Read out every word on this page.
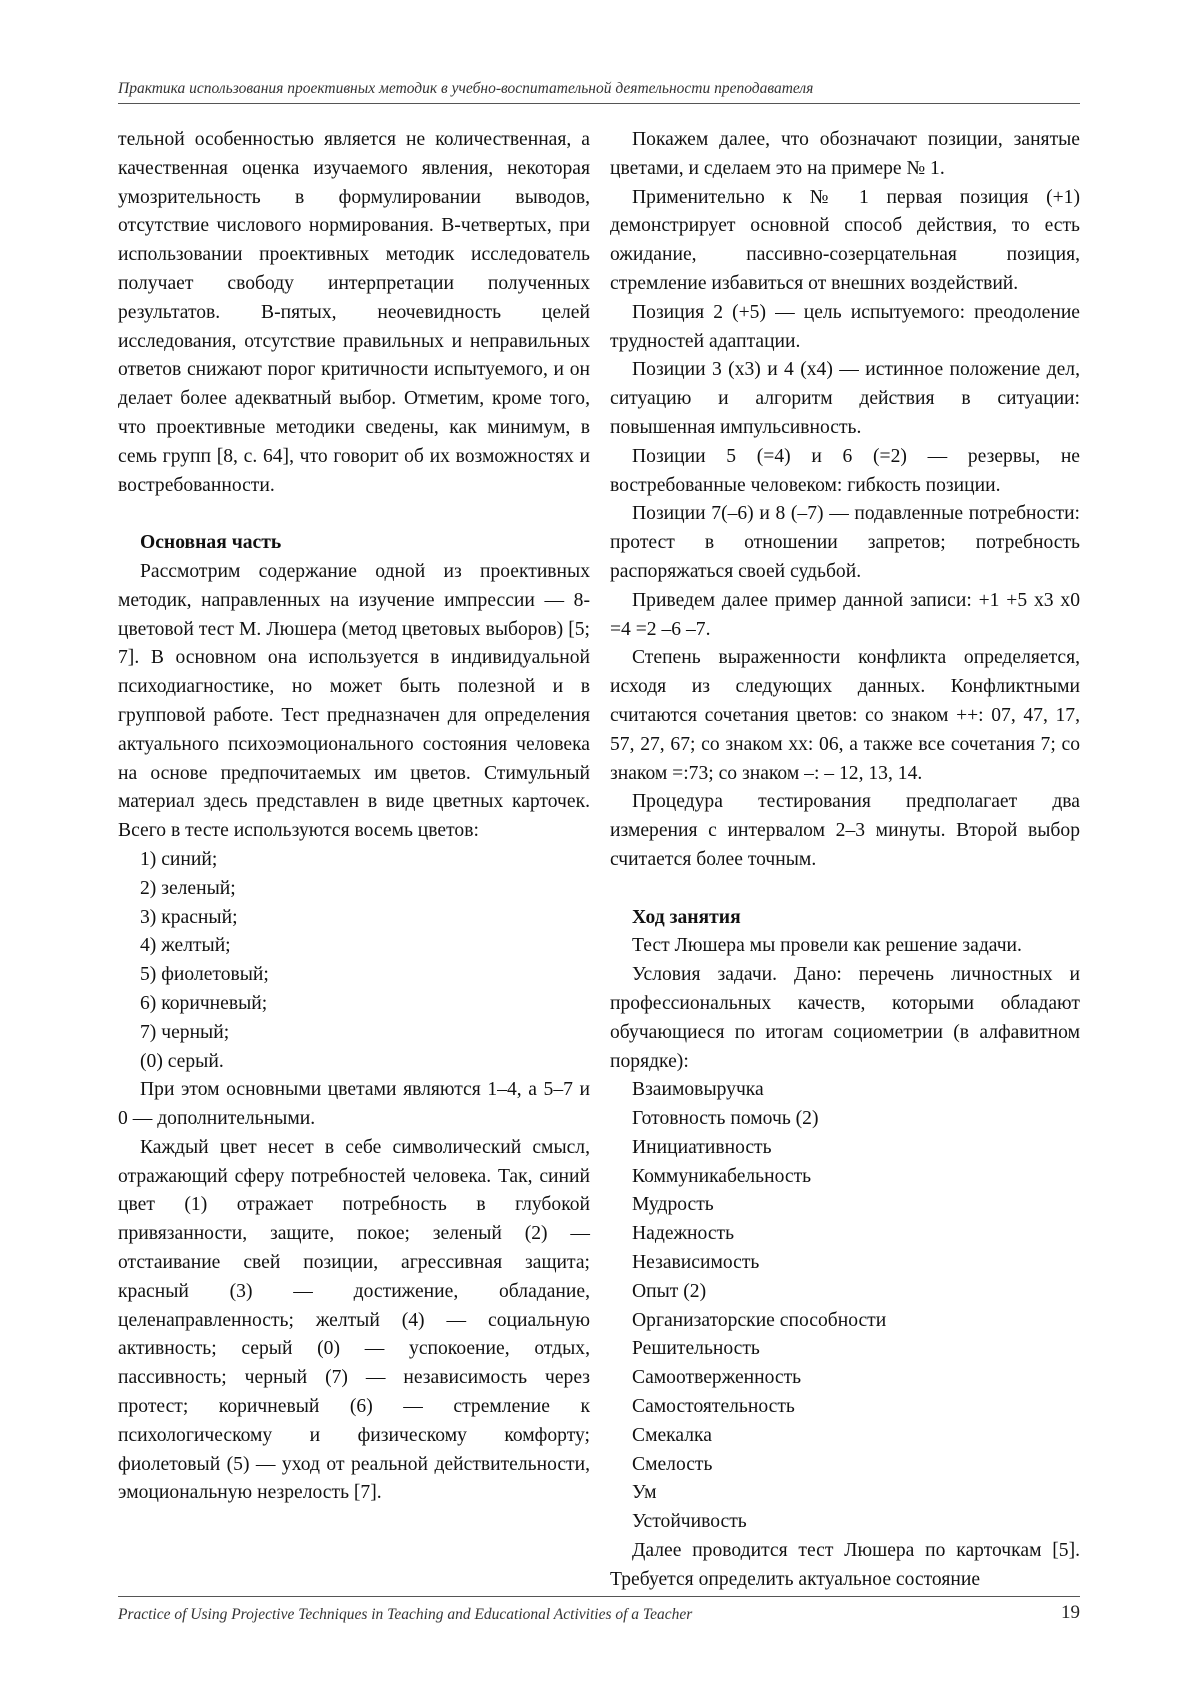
Практика использования проективных методик в учебно-воспитательной деятельности преподавателя

тельной особенностью является не количественная, а качественная оценка изучаемого явления, некоторая умозрительность в формулировании выводов, отсутствие числового нормирования. В-четвертых, при использовании проективных методик исследователь получает свободу интерпретации полученных результатов. В-пятых, неочевидность целей исследования, отсутствие правильных и неправильных ответов снижают порог критичности испытуемого, и он делает более адекватный выбор. Отметим, кроме того, что проективные методики сведены, как минимум, в семь групп [8, с. 64], что говорит об их возможностях и востребованности.

Основная часть

Рассмотрим содержание одной из проективных методик, направленных на изучение импрессии — 8-цветовой тест М. Люшера (метод цветовых выборов) [5; 7]. В основном она используется в индивидуальной психодиагностике, но может быть полезной и в групповой работе. Тест предназначен для определения актуального психоэмоционального состояния человека на основе предпочитаемых им цветов. Стимульный материал здесь представлен в виде цветных карточек. Всего в тесте используются восемь цветов:

1) синий;
2) зеленый;
3) красный;
4) желтый;
5) фиолетовый;
6) коричневый;
7) черный;
(0) серый.

При этом основными цветами являются 1–4, а 5–7 и 0 — дополнительными.

Каждый цвет несет в себе символический смысл, отражающий сферу потребностей человека. Так, синий цвет (1) отражает потребность в глубокой привязанности, защите, покое; зеленый (2) — отстаивание свей позиции, агрессивная защита; красный (3) — достижение, обладание, целенаправленность; желтый (4) — социальную активность; серый (0) — успокоение, отдых, пассивность; черный (7) — независимость через протест; коричневый (6) — стремление к психологическому и физическому комфорту; фиолетовый (5) — уход от реальной действительности, эмоциональную незрелость [7].

Покажем далее, что обозначают позиции, занятые цветами, и сделаем это на примере № 1.

Применительно к № 1 первая позиция (+1) демонстрирует основной способ действия, то есть ожидание, пассивно-созерцательная позиция, стремление избавиться от внешних воздействий.

Позиция 2 (+5) — цель испытуемого: преодоление трудностей адаптации.

Позиции 3 (x3) и 4 (x4) — истинное положение дел, ситуацию и алгоритм действия в ситуации: повышенная импульсивность.

Позиции 5 (=4) и 6 (=2) — резервы, не востребованные человеком: гибкость позиции.

Позиции 7(–6) и 8 (–7) — подавленные потребности: протест в отношении запретов; потребность распоряжаться своей судьбой.

Приведем далее пример данной записи: +1 +5 x3 x0 =4 =2 –6 –7.

Степень выраженности конфликта определяется, исходя из следующих данных. Конфликтными считаются сочетания цветов: со знаком ++: 07, 47, 17, 57, 27, 67; со знаком хх: 06, а также все сочетания 7; со знаком =:73; со знаком –: – 12, 13, 14.

Процедура тестирования предполагает два измерения с интервалом 2–3 минуты. Второй выбор считается более точным.

Ход занятия

Тест Люшера мы провели как решение задачи.

Условия задачи. Дано: перечень личностных и профессиональных качеств, которыми обладают обучающиеся по итогам социометрии (в алфавитном порядке):

Взаимовыручка
Готовность помочь (2)
Инициативность
Коммуникабельность
Мудрость
Надежность
Независимость
Опыт (2)
Организаторские способности
Решительность
Самоотверженность
Самостоятельность
Смекалка
Смелость
Ум
Устойчивость

Далее проводится тест Люшера по карточкам [5]. Требуется определить актуальное состояние

Practice of Using Projective Techniques in Teaching and Educational Activities of a Teacher	19
